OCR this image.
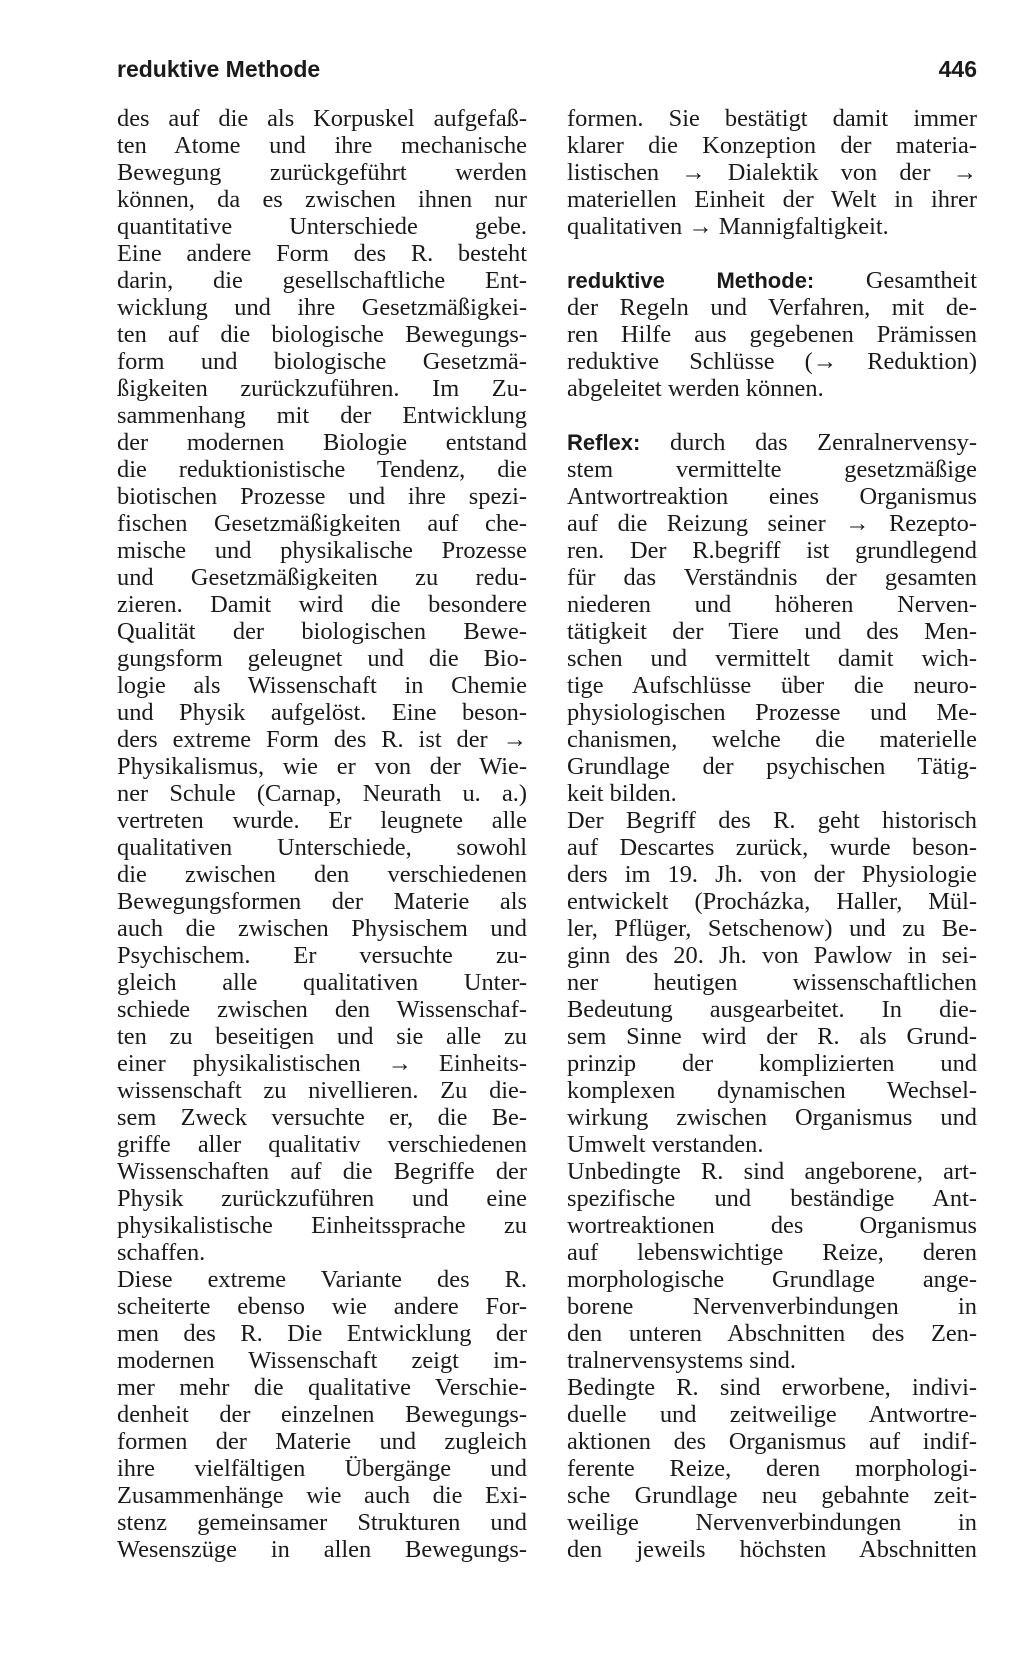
reduktive Methode	446
des auf die als Korpuskel aufgefaß-
ten Atome und ihre mechanische
Bewegung zurückgeführt werden
können, da es zwischen ihnen nur
quantitative Unterschiede gebe.
Eine andere Form des R. besteht
darin, die gesellschaftliche Ent-
wicklung und ihre Gesetzmäßigkei-
ten auf die biologische Bewegungs-
form und biologische Gesetzmä-
ßigkeiten zurückzuführen. Im Zu-
sammenhang mit der Entwicklung
der modernen Biologie entstand
die reduktionistische Tendenz, die
biotischen Prozesse und ihre spezi-
fischen Gesetzmäßigkeiten auf che-
mische und physikalische Prozesse
und Gesetzmäßigkeiten zu redu-
zieren. Damit wird die besondere
Qualität der biologischen Bewe-
gungsform geleugnet und die Bio-
logie als Wissenschaft in Chemie
und Physik aufgelöst. Eine beson-
ders extreme Form des R. ist der →
Physikalismus, wie er von der Wie-
ner Schule (Carnap, Neurath u. a.)
vertreten wurde. Er leugnete alle
qualitativen Unterschiede, sowohl
die zwischen den verschiedenen
Bewegungsformen der Materie als
auch die zwischen Physischem und
Psychischem. Er versuchte zu-
gleich alle qualitativen Unter-
schiede zwischen den Wissenschaf-
ten zu beseitigen und sie alle zu
einer physikalistischen → Einheits-
wissenschaft zu nivellieren. Zu die-
sem Zweck versuchte er, die Be-
griffe aller qualitativ verschiedenen
Wissenschaften auf die Begriffe der
Physik zurückzuführen und eine
physikalistische Einheitssprache zu
schaffen.
Diese extreme Variante des R.
scheiterte ebenso wie andere For-
men des R. Die Entwicklung der
modernen Wissenschaft zeigt im-
mer mehr die qualitative Verschie-
denheit der einzelnen Bewegungs-
formen der Materie und zugleich
ihre vielfältigen Übergänge und
Zusammenhänge wie auch die Exi-
stenz gemeinsamer Strukturen und
Wesenszüge in allen Bewegungs-
formen. Sie bestätigt damit immer
klarer die Konzeption der materia-
listischen → Dialektik von der →
materiellen Einheit der Welt in ihrer
qualitativen → Mannigfaltigkeit.
reduktive Methode: Gesamtheit
der Regeln und Verfahren, mit de-
ren Hilfe aus gegebenen Prämissen
reduktive Schlüsse (→ Reduktion)
abgeleitet werden können.
Reflex: durch das Zenralnervensy-
stem vermittelte gesetzmäßige
Antwortreaktion eines Organismus
auf die Reizung seiner → Rezepto-
ren. Der R.begriff ist grundlegend
für das Verständnis der gesamten
niederen und höheren Nerven-
tätigkeit der Tiere und des Men-
schen und vermittelt damit wich-
tige Aufschlüsse über die neuro-
physiologischen Prozesse und Me-
chanismen, welche die materielle
Grundlage der psychischen Tätig-
keit bilden.
Der Begriff des R. geht historisch
auf Descartes zurück, wurde beson-
ders im 19. Jh. von der Physiologie
entwickelt (Procházka, Haller, Mül-
ler, Pflüger, Setschenow) und zu Be-
ginn des 20. Jh. von Pawlow in sei-
ner heutigen wissenschaftlichen
Bedeutung ausgearbeitet. In die-
sem Sinne wird der R. als Grund-
prinzip der komplizierten und
komplexen dynamischen Wechsel-
wirkung zwischen Organismus und
Umwelt verstanden.
Unbedingte R. sind angeborene, art-
spezifische und beständige Ant-
wortreaktionen des Organismus
auf lebenswichtige Reize, deren
morphologische Grundlage ange-
borene Nervenverbindungen in
den unteren Abschnitten des Zen-
tralnervensystems sind.
Bedingte R. sind erworbene, indivi-
duelle und zeitweilige Antwortre-
aktionen des Organismus auf indif-
ferente Reize, deren morphologi-
sche Grundlage neu gebahnte zeit-
weilige Nervenverbindungen in
den jeweils höchsten Abschnitten
